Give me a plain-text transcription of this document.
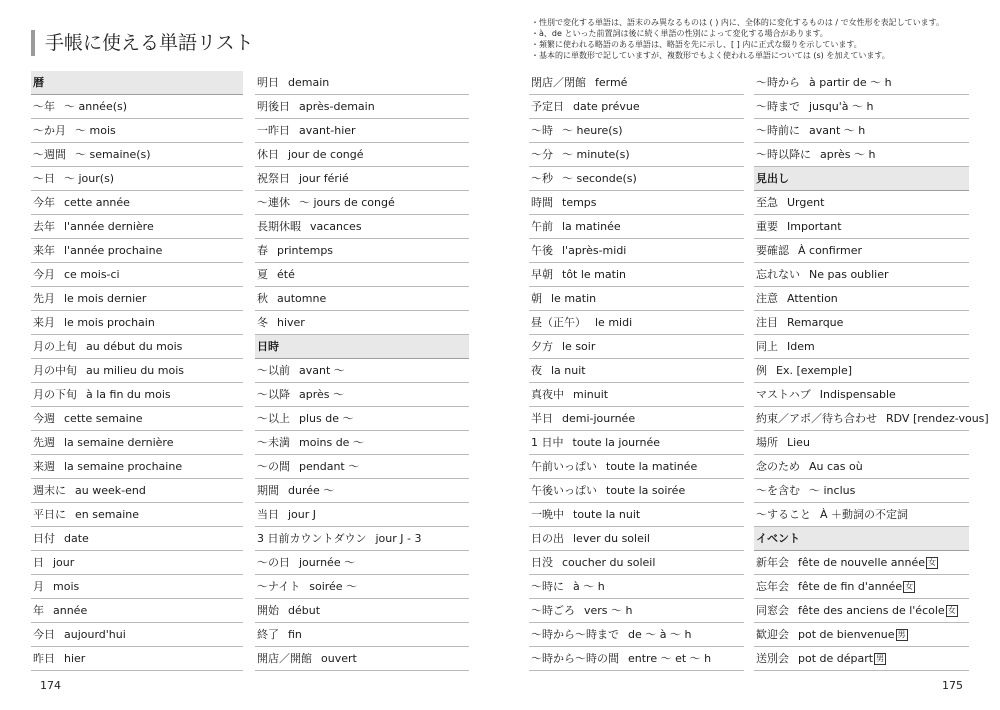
手帳に使える単語リスト

・性別で変化する単語は、語末のみ異なるものは ( ) 内に、全体的に変化するものは / で女性形を表記しています。

・à、de といった前置詞は後に続く単語の性別によって変化する場合があります。

・頻繁に使われる略語のある単語は、略語を先に示し、[ ] 内に正式な綴りを示しています。

・基本的に単数形で記していますが、複数形でもよく使われる単語については (s) を加えています。

暦
〜年 〜 année(s)
〜か月 〜 mois
〜週間 〜 semaine(s)
〜日 〜 jour(s)
今年 cette année
去年 l'année dernière
来年 l'année prochaine
今月 ce mois-ci
先月 le mois dernier
来月 le mois prochain
月の上旬 au début du mois
月の中旬 au milieu du mois
月の下旬 à la fin du mois
今週 cette semaine
先週 la semaine dernière
来週 la semaine prochaine
週末に au week-end
平日に en semaine
日付 date
日 jour
月 mois
年 année
今日 aujourd'hui
昨日 hier
明日 demain
明後日 après-demain
一昨日 avant-hier
休日 jour de congé
祝祭日 jour férié
〜連休 〜 jours de congé
長期休暇 vacances
春 printemps
夏 été
秋 automne
冬 hiver
日時
〜以前 avant 〜
〜以降 après 〜
〜以上 plus de 〜
〜未満 moins de 〜
〜の間 pendant 〜
期間 durée 〜
当日 jour J
3 日前カウントダウン jour J - 3
〜の日 journée 〜
〜ナイト soirée 〜
開始 début
終了 fin
開店／開館 ouvert
閉店／閉館 fermé
予定日 date prévue
〜時 〜 heure(s)
〜分 〜 minute(s)
〜秒 〜 seconde(s)
時間 temps
午前 la matinée
午後 l'après-midi
早朝 tôt le matin
朝 le matin
昼（正午） le midi
夕方 le soir
夜 la nuit
真夜中 minuit
半日 demi-journée
1 日中 toute la journée
午前いっぱい toute la matinée
午後いっぱい toute la soirée
一晩中 toute la nuit
日の出 lever du soleil
日没 coucher du soleil
〜時に à 〜 h
〜時ごろ vers 〜 h
〜時から〜時まで de 〜 à 〜 h
〜時から〜時の間 entre 〜 et 〜 h
〜時から à partir de 〜 h
〜時まで jusqu'à 〜 h
〜時前に avant 〜 h
〜時以降に après 〜 h
見出し
至急 Urgent
重要 Important
要確認 À confirmer
忘れない Ne pas oublier
注意 Attention
注目 Remarque
同上 Idem
例 Ex. [exemple]
マストハブ Indispensable
約束／アポ／待ち合わせ RDV [rendez-vous]
場所 Lieu
念のため Au cas où
〜を含む 〜 inclus
〜すること À ＋動詞の不定詞
イベント
新年会 fête de nouvelle année 女
忘年会 fête de fin d'année 女
同窓会 fête des anciens de l'école 女
歓迎会 pot de bienvenue 男
送別会 pot de départ 男
174	175
